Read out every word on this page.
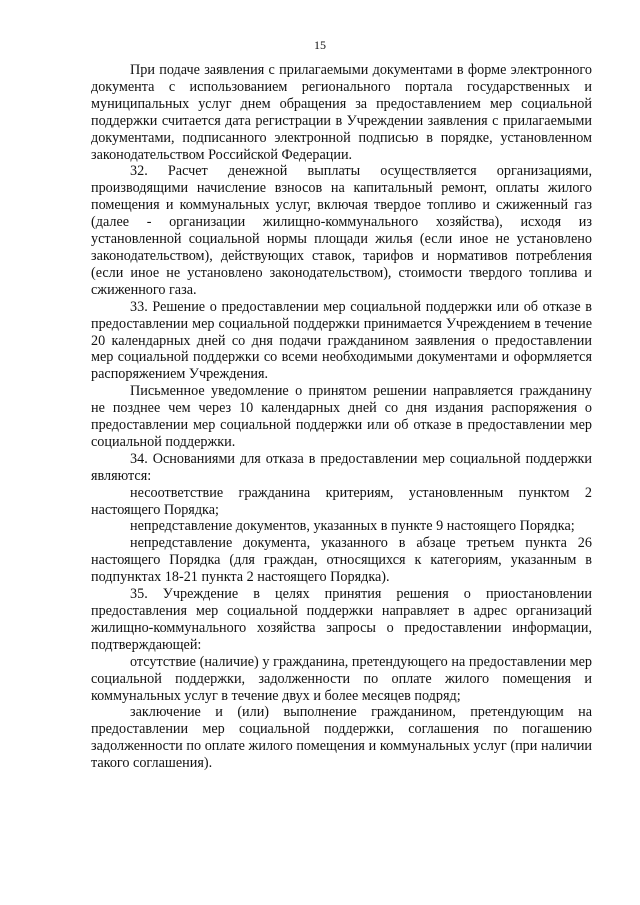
15

При подаче заявления с прилагаемыми документами в форме электронного документа с использованием регионального портала государственных и муниципальных услуг днем обращения за предоставлением мер социальной поддержки считается дата регистрации в Учреждении заявления с прилагаемыми документами, подписанного электронной подписью в порядке, установленном законодательством Российской Федерации.

32. Расчет денежной выплаты осуществляется организациями, производящими начисление взносов на капитальный ремонт, оплаты жилого помещения и коммунальных услуг, включая твердое топливо и сжиженный газ (далее - организации жилищно-коммунального хозяйства), исходя из установленной социальной нормы площади жилья (если иное не установлено законодательством), действующих ставок, тарифов и нормативов потребления (если иное не установлено законодательством), стоимости твердого топлива и сжиженного газа.

33. Решение о предоставлении мер социальной поддержки или об отказе в предоставлении мер социальной поддержки принимается Учреждением в течение 20 календарных дней со дня подачи гражданином заявления о предоставлении мер социальной поддержки со всеми необходимыми документами и оформляется распоряжением Учреждения.

Письменное уведомление о принятом решении направляется гражданину не позднее чем через 10 календарных дней со дня издания распоряжения о предоставлении мер социальной поддержки или об отказе в предоставлении мер социальной поддержки.

34. Основаниями для отказа в предоставлении мер социальной поддержки являются:

несоответствие гражданина критериям, установленным пунктом 2 настоящего Порядка;

непредставление документов, указанных в пункте 9 настоящего Порядка;

непредставление документа, указанного в абзаце третьем пункта 26 настоящего Порядка (для граждан, относящихся к категориям, указанным в подпунктах 18-21 пункта 2 настоящего Порядка).

35. Учреждение в целях принятия решения о приостановлении предоставления мер социальной поддержки направляет в адрес организаций жилищно-коммунального хозяйства запросы о предоставлении информации, подтверждающей:

отсутствие (наличие) у гражданина, претендующего на предоставлении мер социальной поддержки, задолженности по оплате жилого помещения и коммунальных услуг в течение двух и более месяцев подряд;

заключение и (или) выполнение гражданином, претендующим на предоставлении мер социальной поддержки, соглашения по погашению задолженности по оплате жилого помещения и коммунальных услуг (при наличии такого соглашения).
